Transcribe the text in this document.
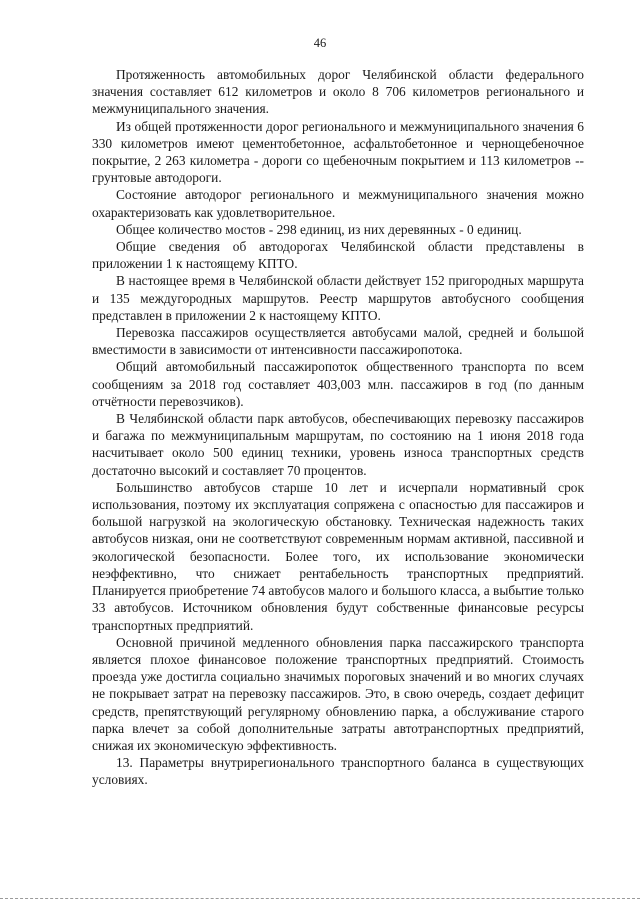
46

Протяженность автомобильных дорог Челябинской области федерального значения составляет 612 километров и около 8 706 километров регионального и межмуниципального значения.

Из общей протяженности дорог регионального и межмуниципального значения 6 330 километров имеют цементобетонное, асфальтобетонное и чернощебеночное покрытие, 2 263 километра - дороги со щебеночным покрытием и 113 километров -- грунтовые автодороги.

Состояние автодорог регионального и межмуниципального значения можно охарактеризовать как удовлетворительное.

Общее количество мостов - 298 единиц, из них деревянных - 0 единиц.

Общие сведения об автодорогах Челябинской области представлены в приложении 1 к настоящему КПТО.

В настоящее время в Челябинской области действует 152 пригородных маршрута и 135 междугородных маршрутов. Реестр маршрутов автобусного сообщения представлен в приложении 2 к настоящему КПТО.

Перевозка пассажиров осуществляется автобусами малой, средней и большой вместимости в зависимости от интенсивности пассажиропотока.

Общий автомобильный пассажиропоток общественного транспорта по всем сообщениям за 2018 год составляет 403,003 млн. пассажиров в год (по данным отчётности перевозчиков).

В Челябинской области парк автобусов, обеспечивающих перевозку пассажиров и багажа по межмуниципальным маршрутам, по состоянию на 1 июня 2018 года насчитывает около 500 единиц техники, уровень износа транспортных средств достаточно высокий и составляет 70 процентов.

Большинство автобусов старше 10 лет и исчерпали нормативный срок использования, поэтому их эксплуатация сопряжена с опасностью для пассажиров и большой нагрузкой на экологическую обстановку. Техническая надежность таких автобусов низкая, они не соответствуют современным нормам активной, пассивной и экологической безопасности. Более того, их использование экономически неэффективно, что снижает рентабельность транспортных предприятий. Планируется приобретение 74 автобусов малого и большого класса, а выбытие только 33 автобусов. Источником обновления будут собственные финансовые ресурсы транспортных предприятий.

Основной причиной медленного обновления парка пассажирского транспорта является плохое финансовое положение транспортных предприятий. Стоимость проезда уже достигла социально значимых пороговых значений и во многих случаях не покрывает затрат на перевозку пассажиров. Это, в свою очередь, создает дефицит средств, препятствующий регулярному обновлению парка, а обслуживание старого парка влечет за собой дополнительные затраты автотранспортных предприятий, снижая их экономическую эффективность.

13. Параметры внутрирегионального транспортного баланса в существующих условиях.
